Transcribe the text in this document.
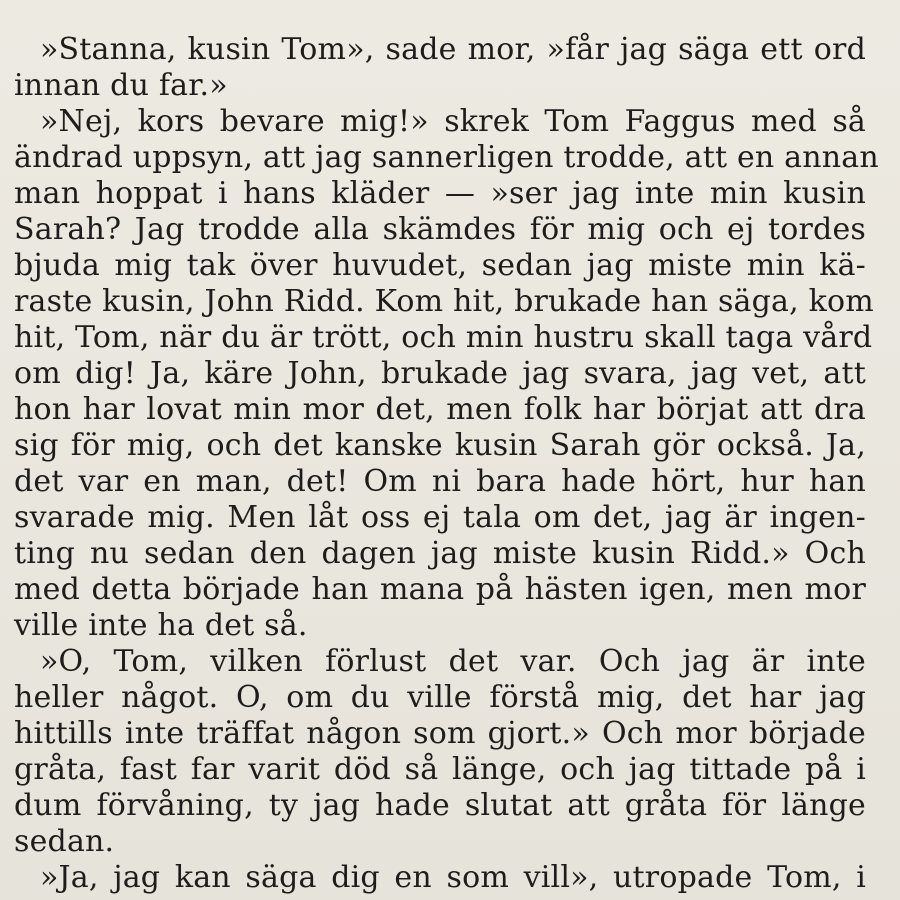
»Stanna, kusin Tom», sade mor, »får jag säga ett ord
innan du far.»
»Nej, kors bevare mig!» skrek Tom Faggus med så
ändrad uppsyn, att jag sannerligen trodde, att en annan
man hoppat i hans kläder — »ser jag inte min kusin
Sarah? Jag trodde alla skämdes för mig och ej tordes
bjuda mig tak över huvudet, sedan jag miste min kä-
raste kusin, John Ridd. Kom hit, brukade han säga, kom
hit, Tom, när du är trött, och min hustru skall taga vård
om dig! Ja, käre John, brukade jag svara, jag vet, att
hon har lovat min mor det, men folk har börjat att dra
sig för mig, och det kanske kusin Sarah gör också. Ja,
det var en man, det! Om ni bara hade hört, hur han
svarade mig. Men låt oss ej tala om det, jag är ingen-
ting nu sedan den dagen jag miste kusin Ridd.» Och
med detta började han mana på hästen igen, men mor
ville inte ha det så.
»O, Tom, vilken förlust det var. Och jag är inte
heller något. O, om du ville förstå mig, det har jag
hittills inte träffat någon som gjort.» Och mor började
gråta, fast far varit död så länge, och jag tittade på i
dum förvåning, ty jag hade slutat att gråta för länge
sedan.
»Ja, jag kan säga dig en som vill», utropade Tom, i
